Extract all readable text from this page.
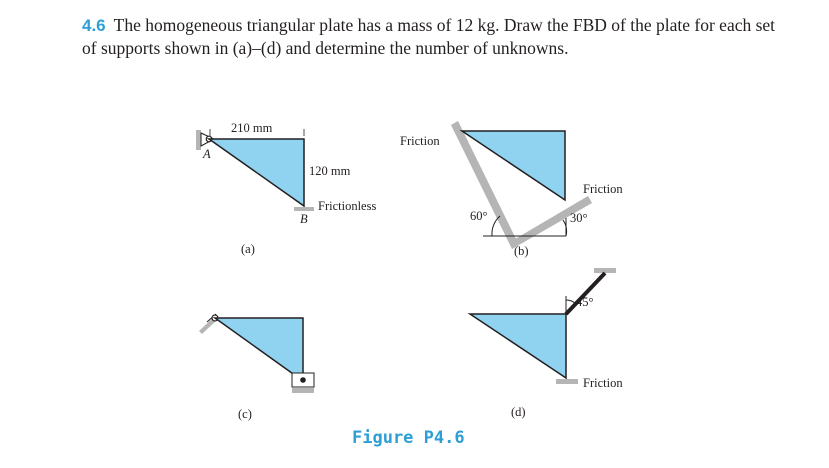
4.6 The homogeneous triangular plate has a mass of 12 kg. Draw the FBD of the plate for each set of supports shown in (a)–(d) and determine the number of unknowns.
210 mm
A
120 mm
Frictionless
B
(a)
Friction
60°
Friction
30°
(b)
(c)
45°
Friction
(d)
Figure P4.6
